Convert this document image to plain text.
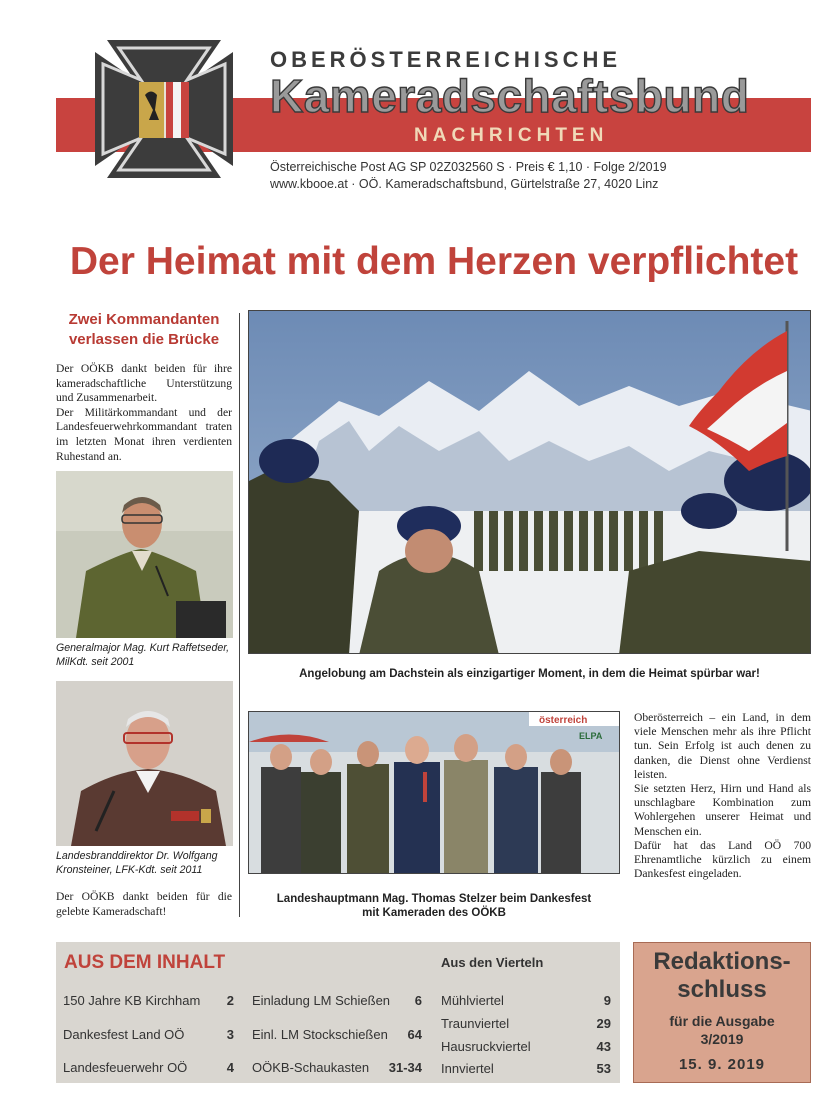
OBERÖSTERREICHISCHE
Kameradschaftsbund
NACHRICHTEN
Österreichische Post AG SP 02Z032560 S · Preis € 1,10 · Folge 2/2019
www.kbooe.at · OÖ. Kameradschaftsbund, Gürtelstraße 27, 4020 Linz
Der Heimat mit dem Herzen verpflichtet
Zwei Kommandanten
verlassen die Brücke

Der OÖKB dankt beiden für ihre kameradschaftliche Unterstützung und Zusammenarbeit.

Der Militärkommandant und der Landesfeuerwehrkommandant traten im letzten Monat ihren verdienten Ruhestand an.

Generalmajor Mag. Kurt Raffetseder, MilKdt. seit 2001
Landesbranddirektor Dr. Wolfgang Kronsteiner, LFK-Kdt. seit 2011
Der OÖKB dankt beiden für die gelebte Kameradschaft!
Angelobung am Dachstein als einzigartiger Moment, in dem die Heimat spürbar war!
österreich
ELPA
Landeshauptmann Mag. Thomas Stelzer beim Dankesfest
mit Kameraden des OÖKB

Oberösterreich – ein Land, in dem viele Menschen mehr als ihre Pflicht tun. Sein Erfolg ist auch denen zu danken, die Dienst ohne Verdienst leisten.

Sie setzten Herz, Hirn und Hand als unschlagbare Kombination zum Wohlergehen unserer Heimat und Menschen ein.

Dafür hat das Land OÖ 700 Ehrenamtliche kürzlich zu einem Dankesfest eingeladen.

AUS DEM INHALT	Aus den Vierteln
150 Jahre KB Kirchham 2
Dankesfest Land OÖ	3
Landesfeuerwehr OÖ	4
Einladung LM Schießen 6
Einl. LM Stockschießen 64
OÖKB-Schaukasten 31-34
Mühlviertel	9
Traunviertel	29
Hausruckviertel	43
Innviertel	53
Redaktions-
schluss
für die Ausgabe
3/2019
15. 9. 2019
